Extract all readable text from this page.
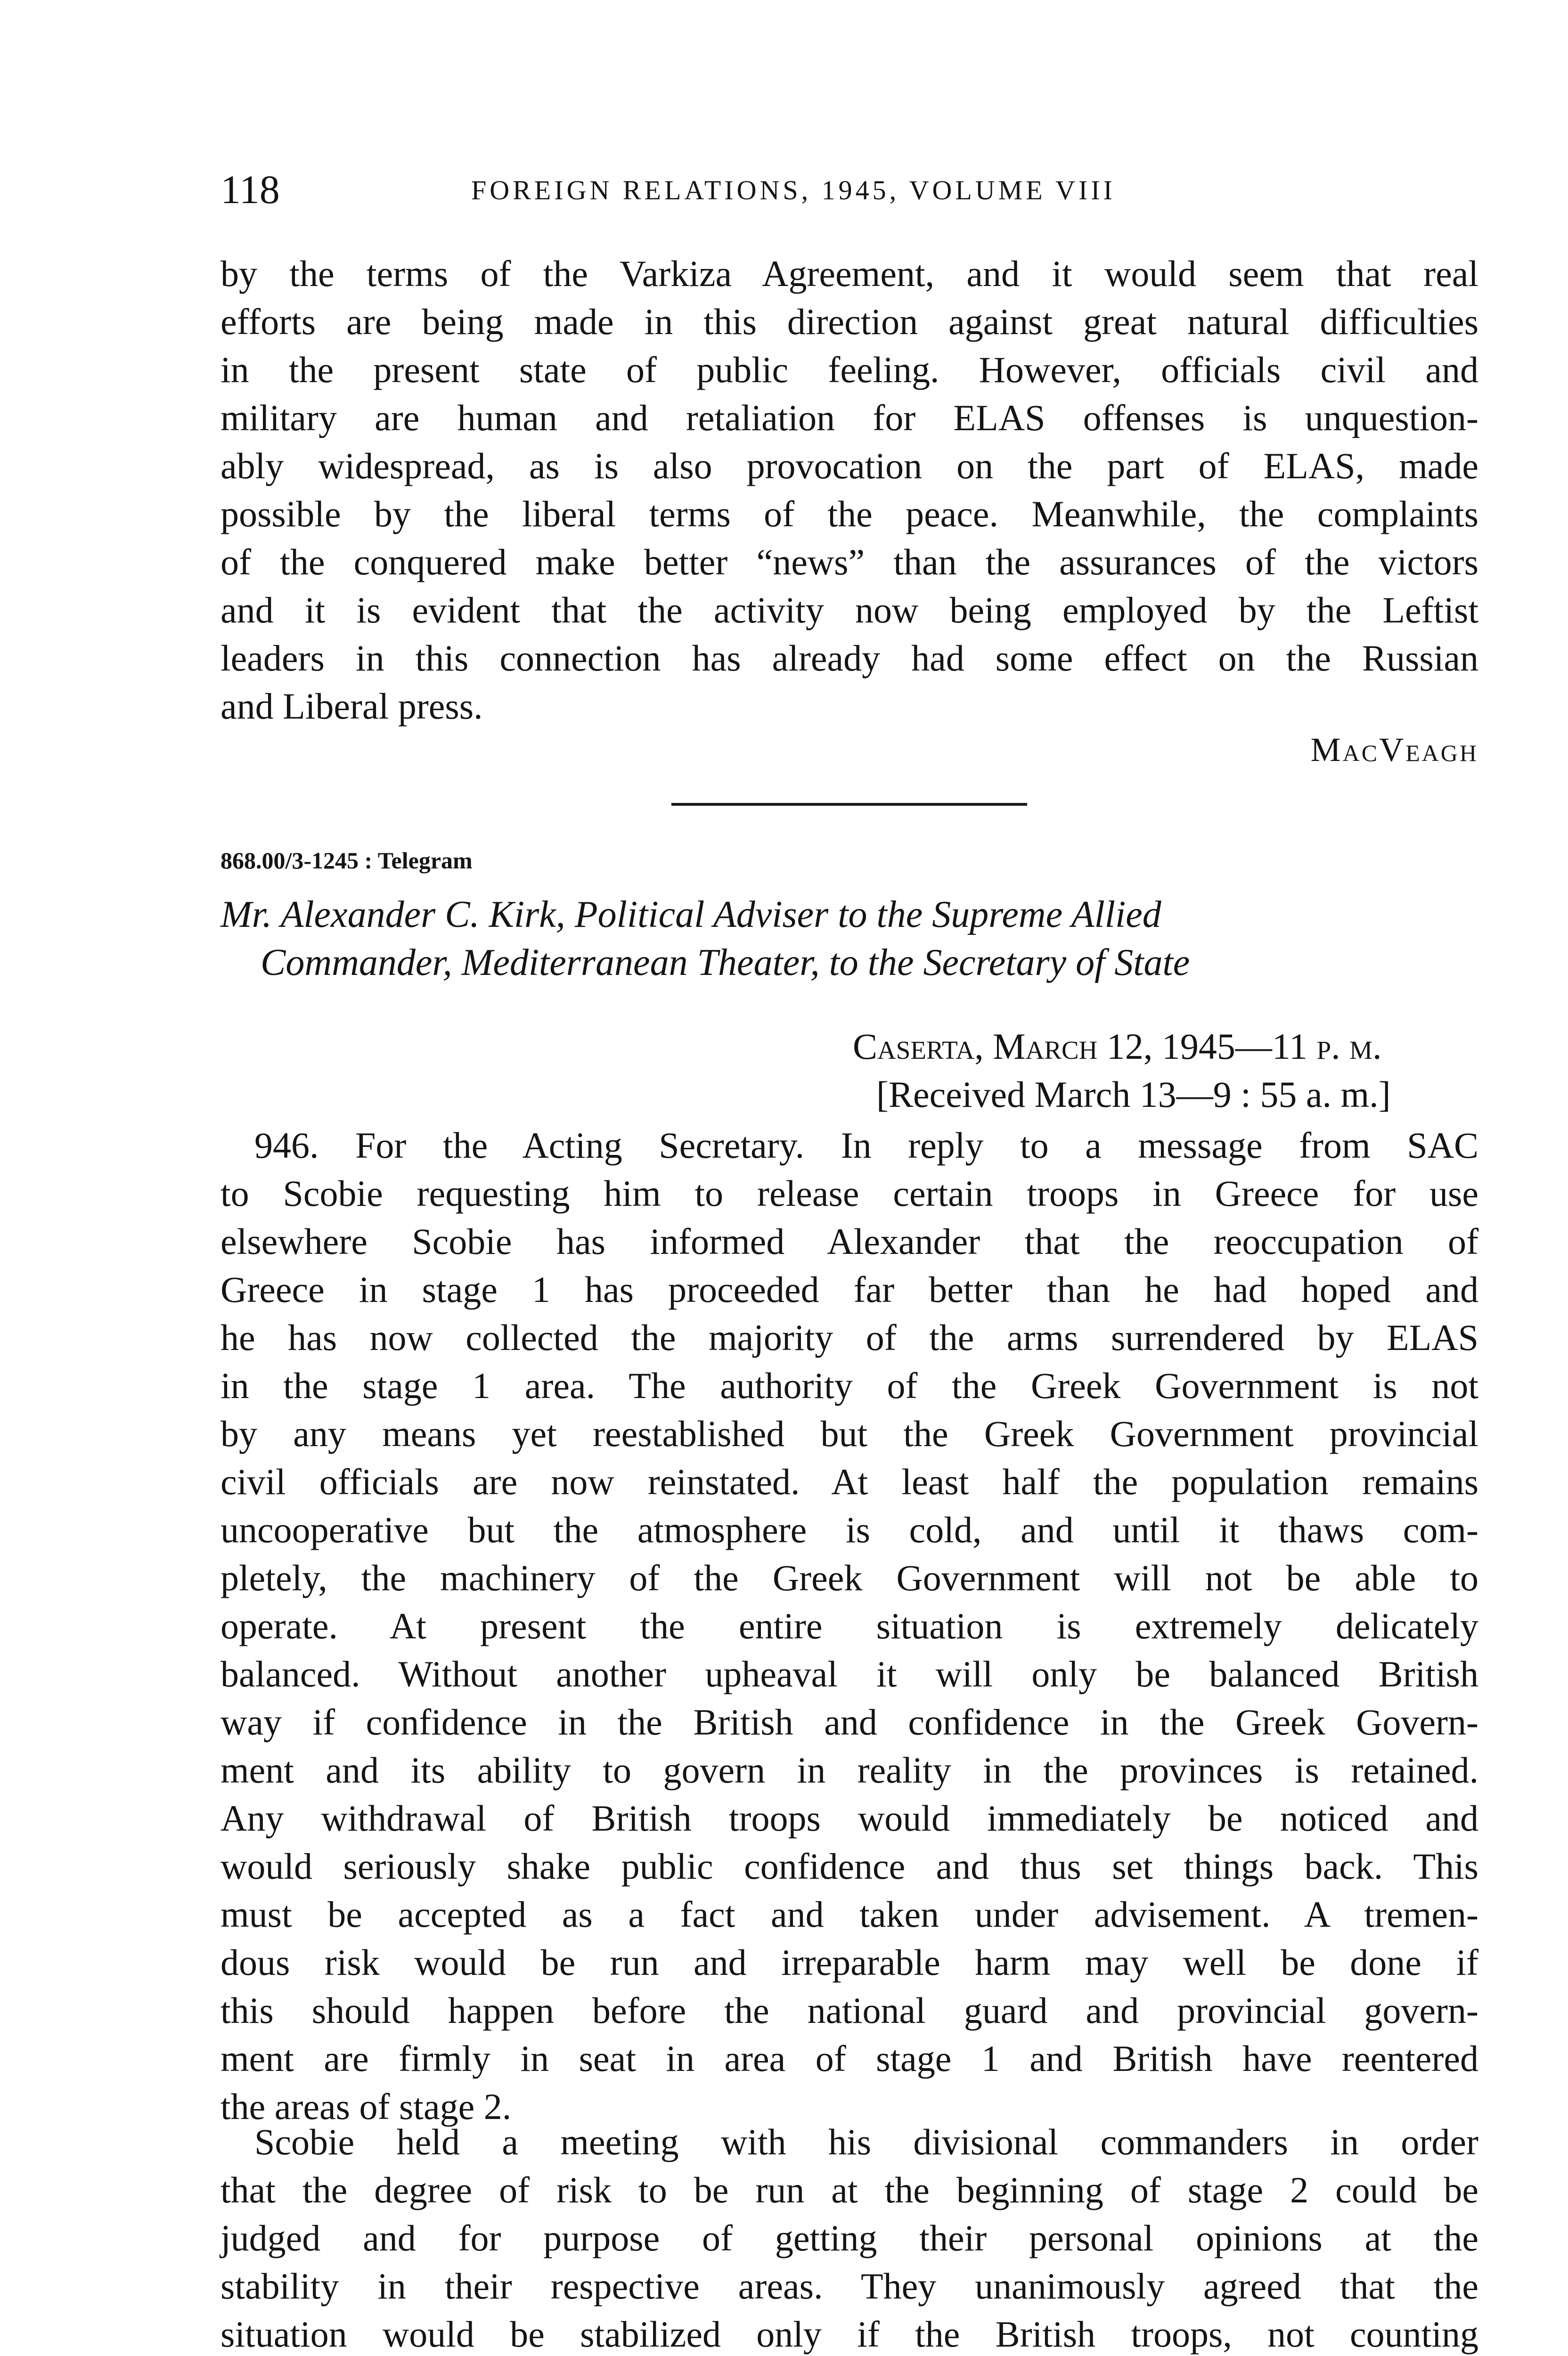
118	FOREIGN RELATIONS, 1945, VOLUME VIII
by the terms of the Varkiza Agreement, and it would seem that real
efforts are being made in this direction against great natural difficulties
in the present state of public feeling. However, officials civil and
military are human and retaliation for ELAS offenses is unquestion-
ably widespread, as is also provocation on the part of ELAS, made
possible by the liberal terms of the peace. Meanwhile, the complaints
of the conquered make better “news” than the assurances of the victors
and it is evident that the activity now being employed by the Leftist
leaders in this connection has already had some effect on the Russian
and Liberal press.
MacVeagh
868.00/3-1245 : Telegram
Mr. Alexander C. Kirk, Political Adviser to the Supreme Allied
Commander, Mediterranean Theater, to the Secretary of State
Caserta, March 12, 1945—11 p. m.
[Received March 13—9 : 55 a. m.]
946. For the Acting Secretary. In reply to a message from SAC
to Scobie requesting him to release certain troops in Greece for use
elsewhere Scobie has informed Alexander that the reoccupation of
Greece in stage 1 has proceeded far better than he had hoped and
he has now collected the majority of the arms surrendered by ELAS
in the stage 1 area. The authority of the Greek Government is not
by any means yet reestablished but the Greek Government provincial
civil officials are now reinstated. At least half the population remains
uncooperative but the atmosphere is cold, and until it thaws com-
pletely, the machinery of the Greek Government will not be able to
operate. At present the entire situation is extremely delicately
balanced. Without another upheaval it will only be balanced British
way if confidence in the British and confidence in the Greek Govern-
ment and its ability to govern in reality in the provinces is retained.
Any withdrawal of British troops would immediately be noticed and
would seriously shake public confidence and thus set things back. This
must be accepted as a fact and taken under advisement. A tremen-
dous risk would be run and irreparable harm may well be done if
this should happen before the national guard and provincial govern-
ment are firmly in seat in area of stage 1 and British have reentered
the areas of stage 2.
Scobie held a meeting with his divisional commanders in order
that the degree of risk to be run at the beginning of stage 2 could be
judged and for purpose of getting their personal opinions at the
stability in their respective areas. They unanimously agreed that the
situation would be stabilized only if the British troops, not counting
